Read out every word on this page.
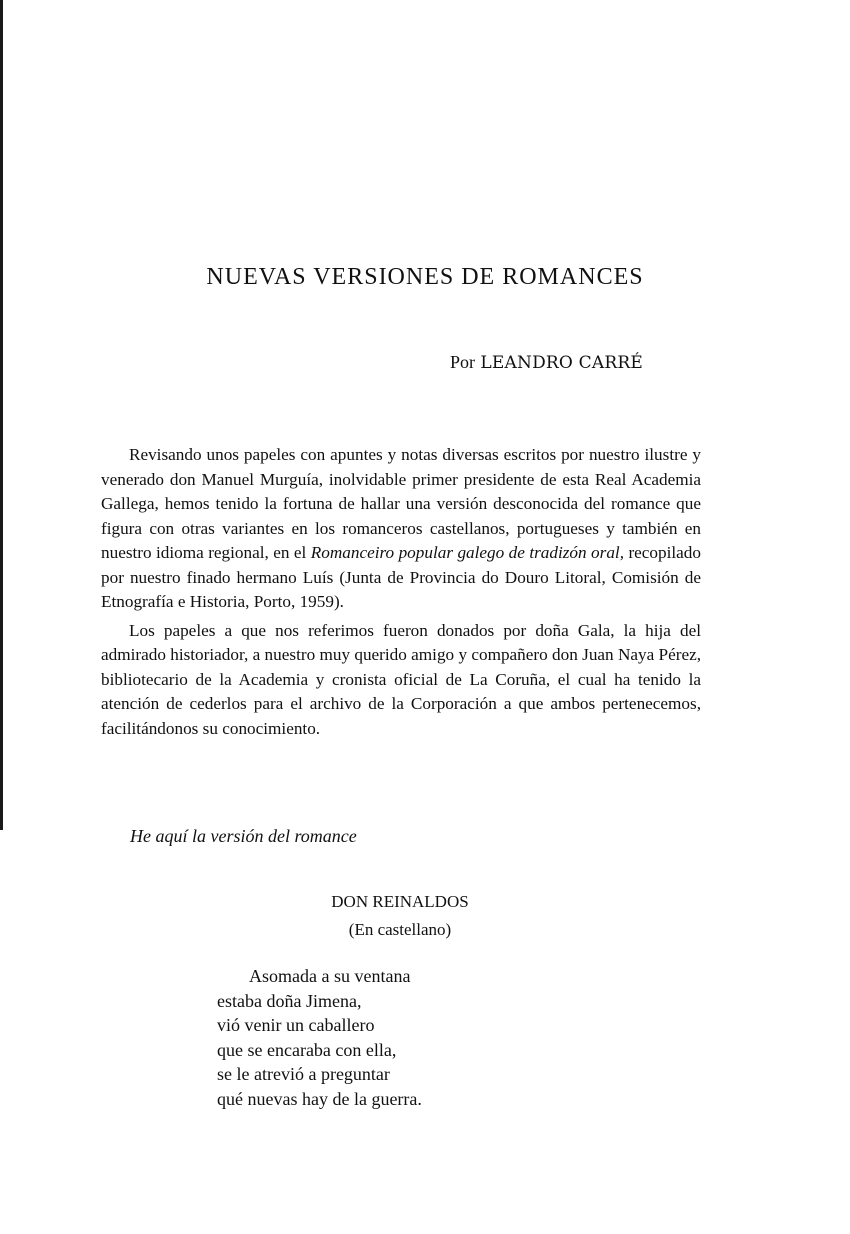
NUEVAS VERSIONES DE ROMANCES
Por LEANDRO CARRÉ

Revisando unos papeles con apuntes y notas diversas escritos por nuestro ilustre y venerado don Manuel Murguía, inolvidable primer presidente de esta Real Academia Gallega, hemos tenido la fortuna de hallar una versión desconocida del romance que figura con otras variantes en los romanceros castellanos, portugueses y también en nuestro idioma regional, en el Romanceiro popular galego de tradizón oral, recopilado por nuestro finado hermano Luís (Junta de Provincia do Douro Litoral, Comisión de Etnografía e Historia, Porto, 1959).

Los papeles a que nos referimos fueron donados por doña Gala, la hija del admirado historiador, a nuestro muy querido amigo y compañero don Juan Naya Pérez, bibliotecario de la Academia y cronista oficial de La Coruña, el cual ha tenido la atención de cederlos para el archivo de la Corporación a que ambos pertenecemos, facilitándonos su conocimiento.

He aquí la versión del romance
DON REINALDOS
(En castellano)
Asomada a su ventana
estaba doña Jimena,
vió venir un caballero
que se encaraba con ella,
se le atrevió a preguntar
qué nuevas hay de la guerra.
